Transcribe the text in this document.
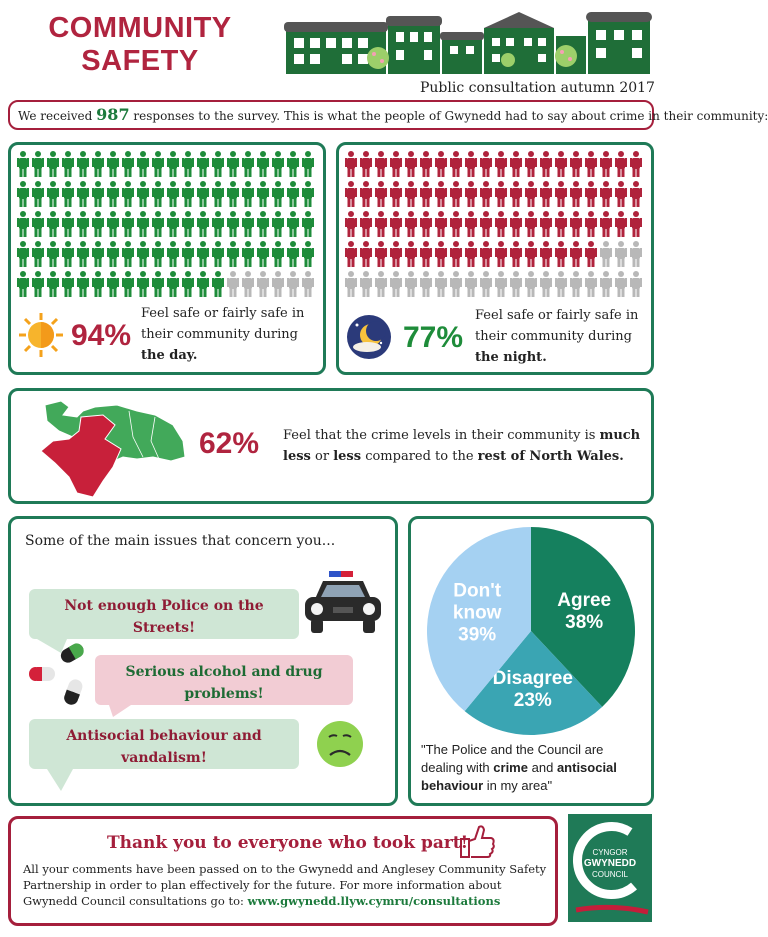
COMMUNITY
SAFETY
Public consultation autumn 2017
We received 987 responses to the survey. This is what the people of Gwynedd had to say about crime in their community:
94%
Feel safe or fairly safe in
their community during
the day.
77%
Feel safe or fairly safe in
their community during
the night.
62% Feel that the crime levels in their community is much less or less compared to the rest of North Wales.
Some of the main issues that concern you...
Not enough Police on the
Streets!
Serious alcohol and drug
problems!
Antisocial behaviour and
vandalism!
Agree
38%
Disagree
23%
Don't
know
39%
"The Police and the Council are dealing with crime and antisocial behaviour in my area"
Thank you to everyone who took part!
All your comments have been passed on to the Gwynedd and Anglesey Community Safety Partnership in order to plan effectively for the future. For more information about Gwynedd Council consultations go to: www.gwynedd.llyw.cymru/consultations
CYNGOR
GWYNEDD
COUNCIL
